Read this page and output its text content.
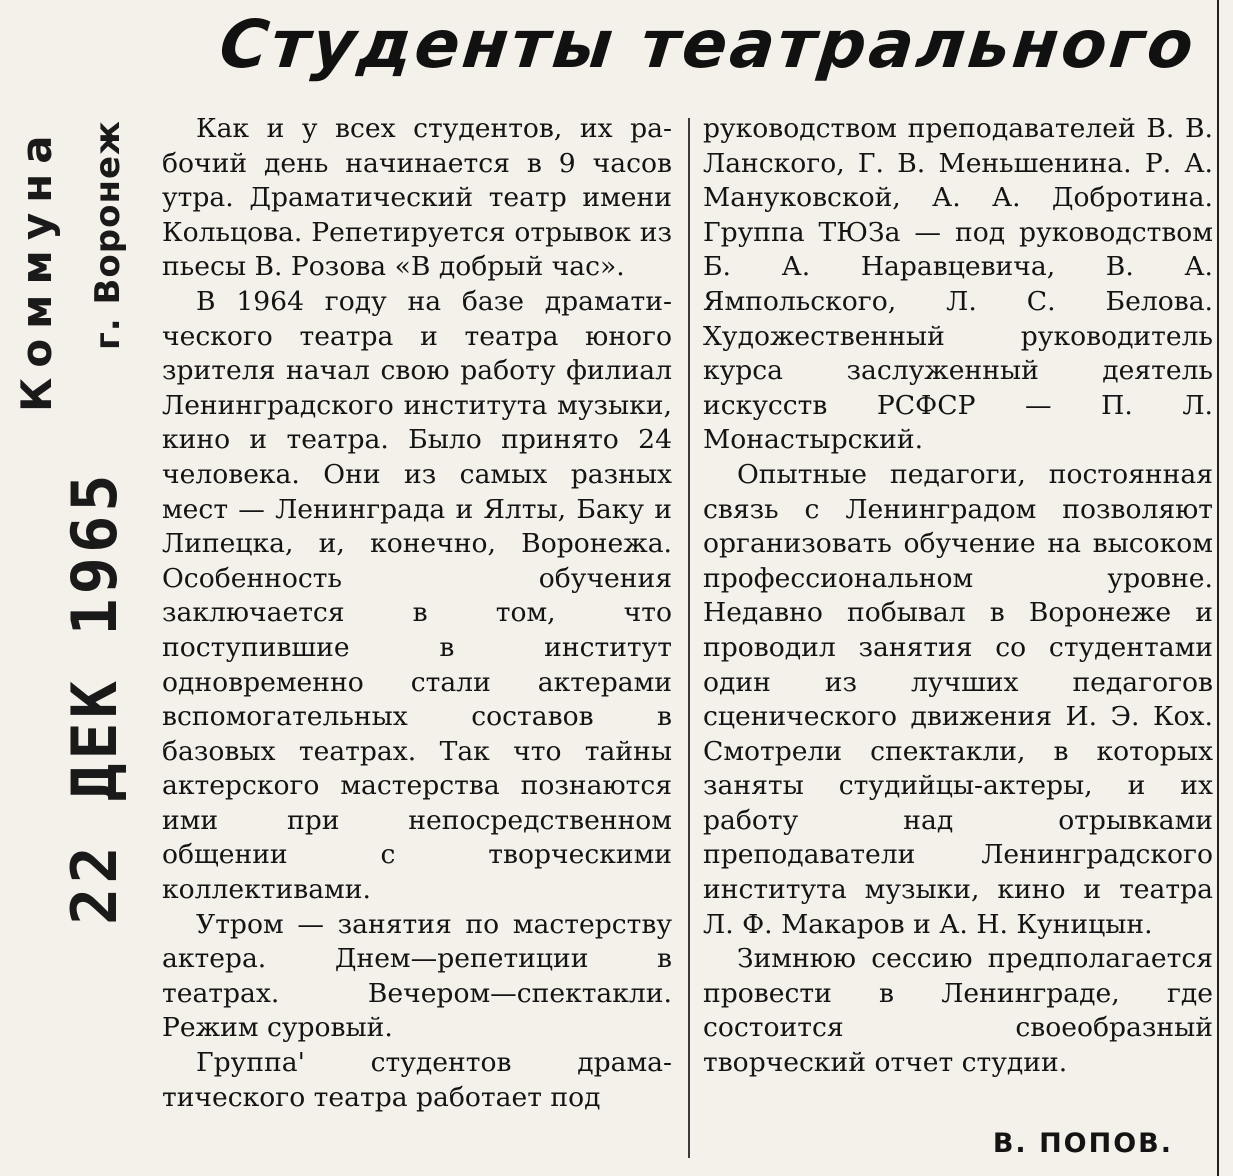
Коммуна г. Воронеж
22 ДЕК 1965
Студенты театрального

Как и у всех студентов, их рабочий день начинается в 9 часов утра. Драматический театр имени Кольцова. Репетируется отрывок из пьесы В. Розова «В добрый час».

В 1964 году на базе драматического театра и театра юного зрителя начал свою работу филиал Ленинградского института музыки, кино и театра. Было принято 24 человека. Они из самых разных мест — Ленинграда и Ялты, Баку и Липецка, и, конечно, Воронежа. Особенность обучения заключается в том, что поступившие в институт одновременно стали актерами вспомогательных составов в базовых театрах. Так что тайны актерского мастерства познаются ими при непосредственном общении с творческими коллективами.

Утром — занятия по мастерству актера. Днем—репетиции в театрах. Вечером—спектакли. Режим суровый.

Группа' студентов драматического театра работает под

руководством преподавателей В. В. Ланского, Г. В. Меньшенина. Р. А. Мануковской, А. А. Добротина. Группа ТЮЗа — под руководством Б. А. Наравцевича, В. А. Ямпольского, Л. С. Белова. Художественный руководитель курса заслуженный деятель искусств РСФСР — П. Л. Монастырский.

Опытные педагоги, постоянная связь с Ленинградом позволяют организовать обучение на высоком профессиональном уровне. Недавно побывал в Воронеже и проводил занятия со студентами один из лучших педагогов сценического движения И. Э. Кох. Смотрели спектакли, в которых заняты студийцы-актеры, и их работу над отрывками преподаватели Ленинградского института музыки, кино и театра Л. Ф. Макаров и А. Н. Куницын.

Зимнюю сессию предполагается провести в Ленинграде, где состоится своеобразный творческий отчет студии.

В. ПОПОВ.
